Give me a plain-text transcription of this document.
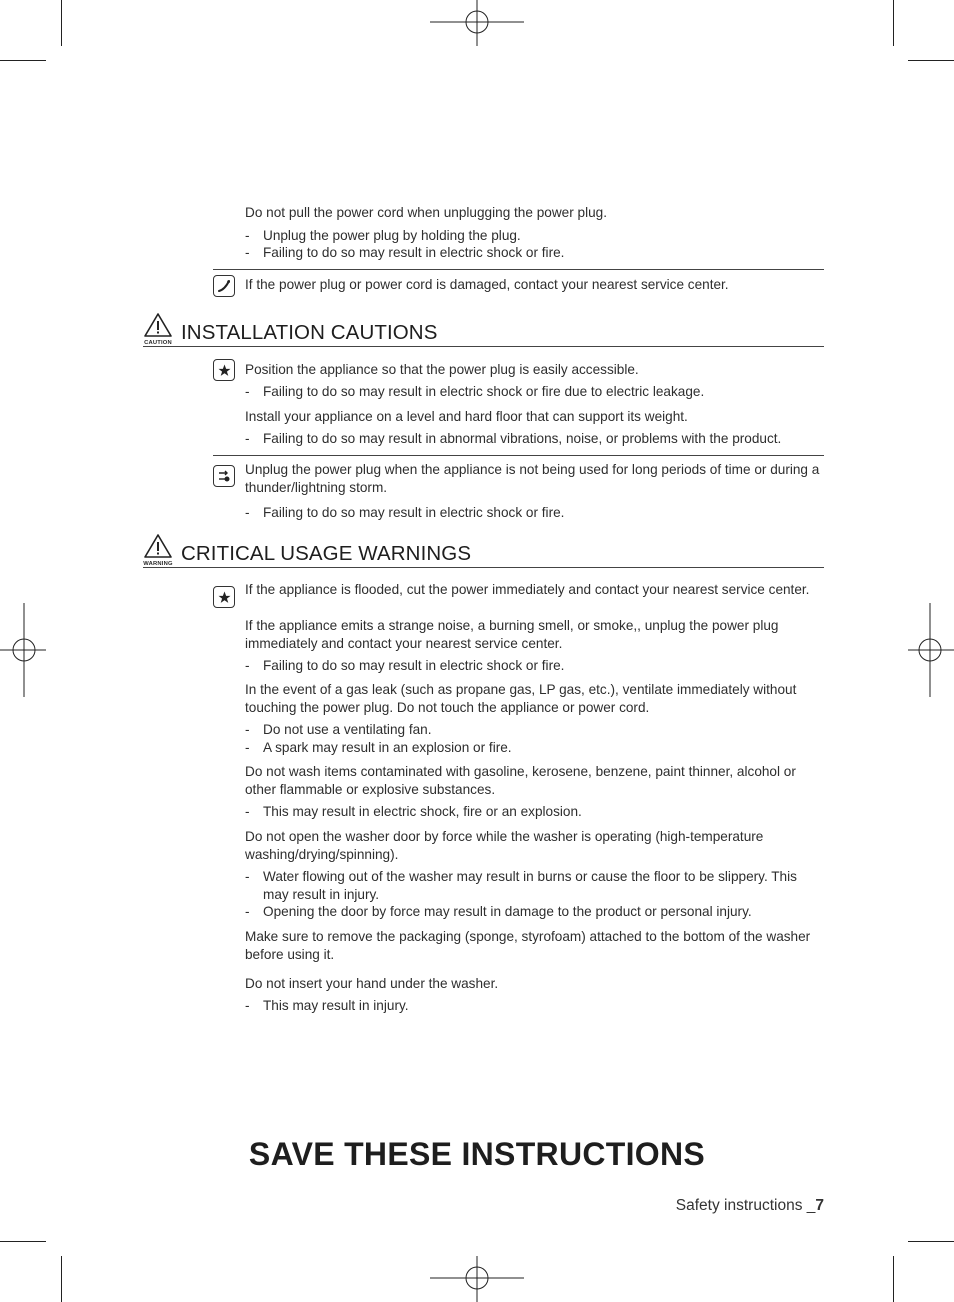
Do not pull the power cord when unplugging the power plug.
- Unplug the power plug by holding the plug.
- Failing to do so may result in electric shock or fire.
If the power plug or power cord is damaged, contact your nearest service center.
CAUTION INSTALLATION CAUTIONS
Position the appliance so that the power plug is easily accessible.
- Failing to do so may result in electric shock or fire due to electric leakage.
Install your appliance on a level and hard floor that can support its weight.
- Failing to do so may result in abnormal vibrations, noise, or problems with the product.
Unplug the power plug when the appliance is not being used for long periods of time or during a thunder/lightning storm.
- Failing to do so may result in electric shock or fire.
WARNING CRITICAL USAGE WARNINGS
If the appliance is flooded, cut the power immediately and contact your nearest service center.
If the appliance emits a strange noise, a burning smell, or smoke,, unplug the power plug immediately and contact your nearest service center.
- Failing to do so may result in electric shock or fire.
In the event of a gas leak (such as propane gas, LP gas, etc.), ventilate immediately without touching the power plug. Do not touch the appliance or power cord.
- Do not use a ventilating fan.
- A spark may result in an explosion or fire.
Do not wash items contaminated with gasoline, kerosene, benzene, paint thinner, alcohol or other flammable or explosive substances.
- This may result in electric shock, fire or an explosion.
Do not open the washer door by force while the washer is operating (high-temperature washing/drying/spinning).
- Water flowing out of the washer may result in burns or cause the floor to be slippery. This may result in injury.
- Opening the door by force may result in damage to the product or personal injury.
Make sure to remove the packaging (sponge, styrofoam) attached to the bottom of the washer before using it.
Do not insert your hand under the washer.
- This may result in injury.
SAVE THESE INSTRUCTIONS
Safety instructions _7
